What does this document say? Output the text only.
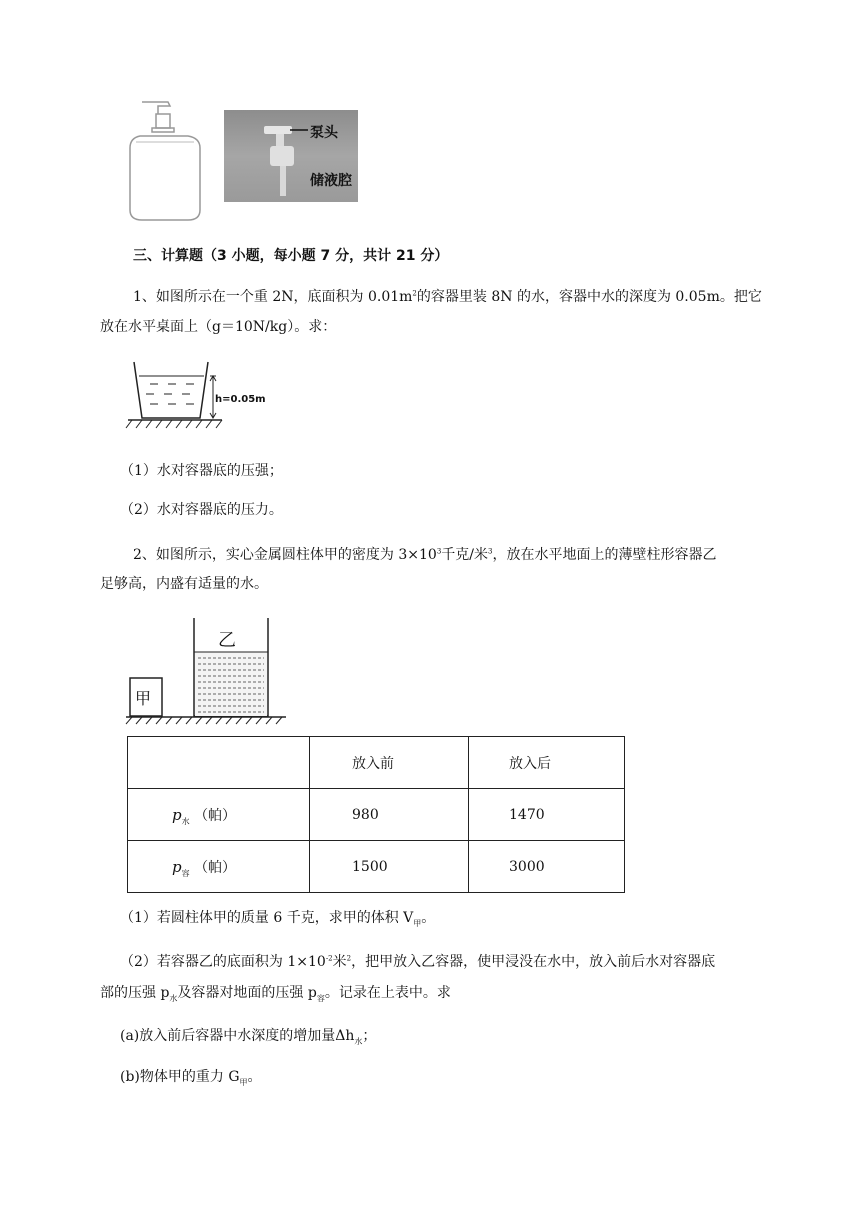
泵头
储液腔
三、计算题（3 小题，每小题 7 分，共计 21 分）
1、如图所示在一个重 2N，底面积为 $0.01m^2$的容器里装 8N 的水，容器中水的深度为 0.05m。把它
放在水平桌面上（g＝10N/kg）。求：
h=0.05m
（1）水对容器底的压强；
（2）水对容器底的压力。
2、如图所示，实心金属圆柱体甲的密度为 $3\times 10^3$千克/米$^3$，放在水平地面上的薄壁柱形容器乙
足够高，内盛有适量的水。
甲
乙
	放入前	放入后
$p_水$ （帕）	980	1470
$p_容$ （帕）	1500	3000
（1）若圆柱体甲的质量 6 千克，求甲的体积 $V_甲$。
（2）若容器乙的底面积为 $1\times 10^{-2}$米$^2$，把甲放入乙容器，使甲浸没在水中，放入前后水对容器底
部的压强 $p_水$及容器对地面的压强 $p_容$。记录在上表中。求
(a)放入前后容器中水深度的增加量$\Delta h_水$；
(b)物体甲的重力 $G_甲$。
